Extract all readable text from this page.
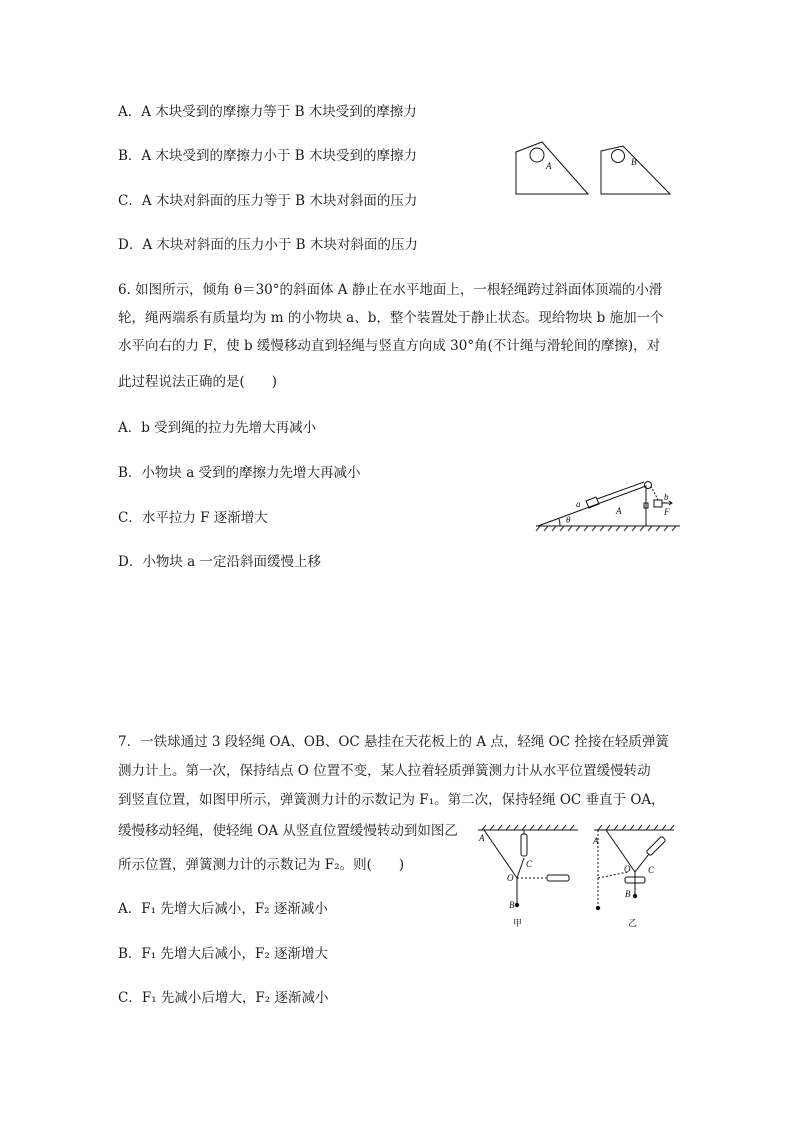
A．A 木块受到的摩擦力等于 B 木块受到的摩擦力
B．A 木块受到的摩擦力小于 B 木块受到的摩擦力
C．A 木块对斜面的压力等于 B 木块对斜面的压力
D．A 木块对斜面的压力小于 B 木块对斜面的压力
A	B
6. 如图所示，倾角 θ＝30°的斜面体 A 静止在水平地面上，一根轻绳跨过斜面体顶端的小滑
轮，绳两端系有质量均为 m 的小物块 a、b，整个装置处于静止状态。现给物块 b 施加一个
水平向右的力 F，使 b 缓慢移动直到轻绳与竖直方向成 30°角(不计绳与滑轮间的摩擦)，对
此过程说法正确的是(　　)
A．b 受到绳的拉力先增大再减小
B．小物块 a 受到的摩擦力先增大再减小
C．水平拉力 F 逐渐增大
D．小物块 a 一定沿斜面缓慢上移
a
A
θ
b
F
7．一铁球通过 3 段轻绳 OA、OB、OC 悬挂在天花板上的 A 点，轻绳 OC 拴接在轻质弹簧
测力计上。第一次，保持结点 O 位置不变，某人拉着轻质弹簧测力计从水平位置缓慢转动
到竖直位置，如图甲所示，弹簧测力计的示数记为 F₁。第二次，保持轻绳 OC 垂直于 OA，
缓慢移动轻绳，使轻绳 OA 从竖直位置缓慢转动到如图乙
所示位置，弹簧测力计的示数记为 F₂。则(　　)
A．F₁ 先增大后减小，F₂ 逐渐减小
B．F₁ 先增大后减小，F₂ 逐渐增大
C．F₁ 先减小后增大，F₂ 逐渐减小
A
C
O
B
甲
A
O C
B
乙
